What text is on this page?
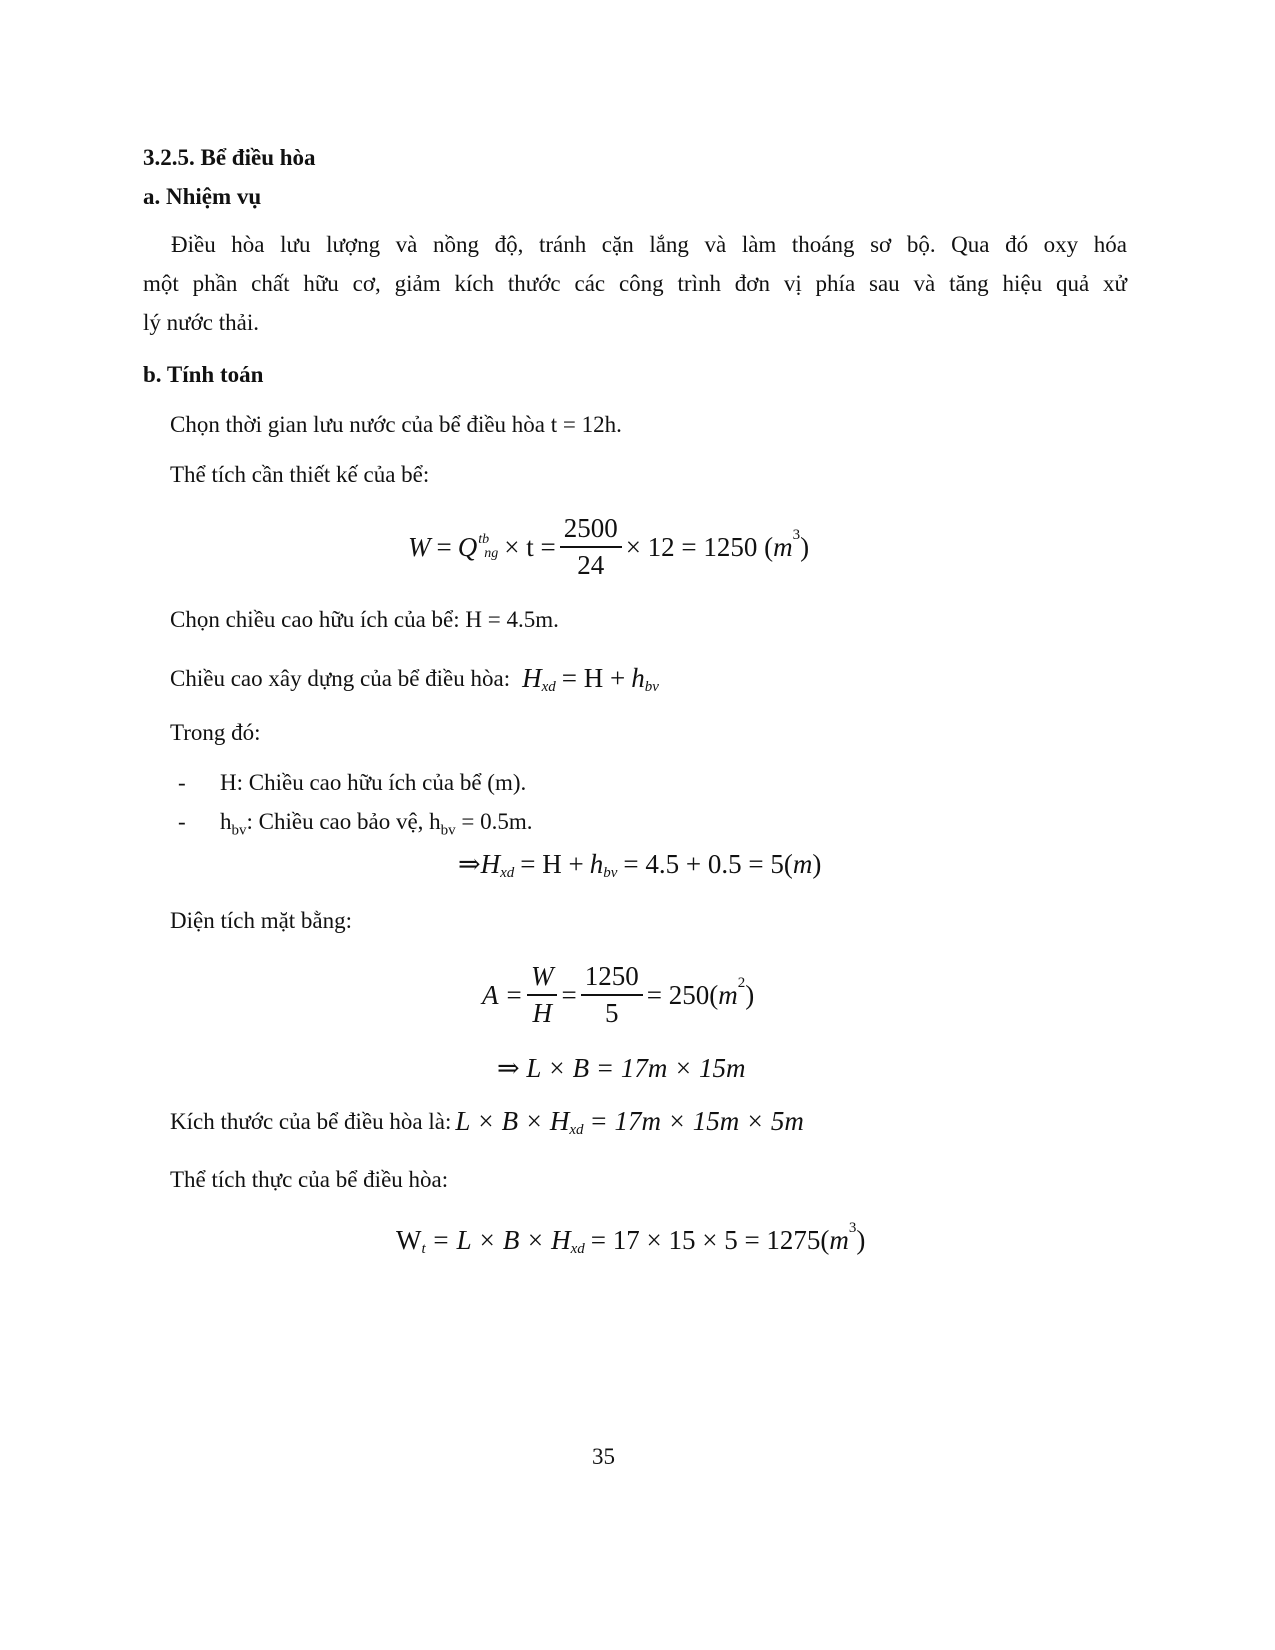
3.2.5. Bể điều hòa
a. Nhiệm vụ
Điều hòa lưu lượng và nồng độ, tránh cặn lắng và làm thoáng sơ bộ. Qua đó oxy hóa
một phần chất hữu cơ, giảm kích thước các công trình đơn vị phía sau và tăng hiệu quả xử
lý nước thải.
b. Tính toán
Chọn thời gian lưu nước của bể điều hòa t = 12h.
Thể tích cần thiết kế của bể:
W = Q tb
ng × $t = \frac{2500}{24} \times 12 = 1250$ ( m 3 )
Chọn chiều cao hữu ích của bể: H = 4.5m.
Chiều cao xây dựng của bể điều hòa: H xd = H + h bv
Trong đó:
- H: Chiều cao hữu ích của bể (m).
- $h_{bv}$: Chiều cao bảo vệ, $h_{bv} = 0.5m$.
⇒ H xd = H + h bv = 4.5 + 0.5 = 5( m )
Diện tích mặt bằng:
$A = \frac{W}{H} = \frac{1250}{5} = 250$( m 2 )
⇒ L × B = 17m × 15m
Kích thước của bể điều hòa là: L × B × H xd = 17m × 15m × 5m
Thể tích thực của bể điều hòa:
W t = L × B × H xd = 17 × 15 × 5 = 1275( m 3 )
35
